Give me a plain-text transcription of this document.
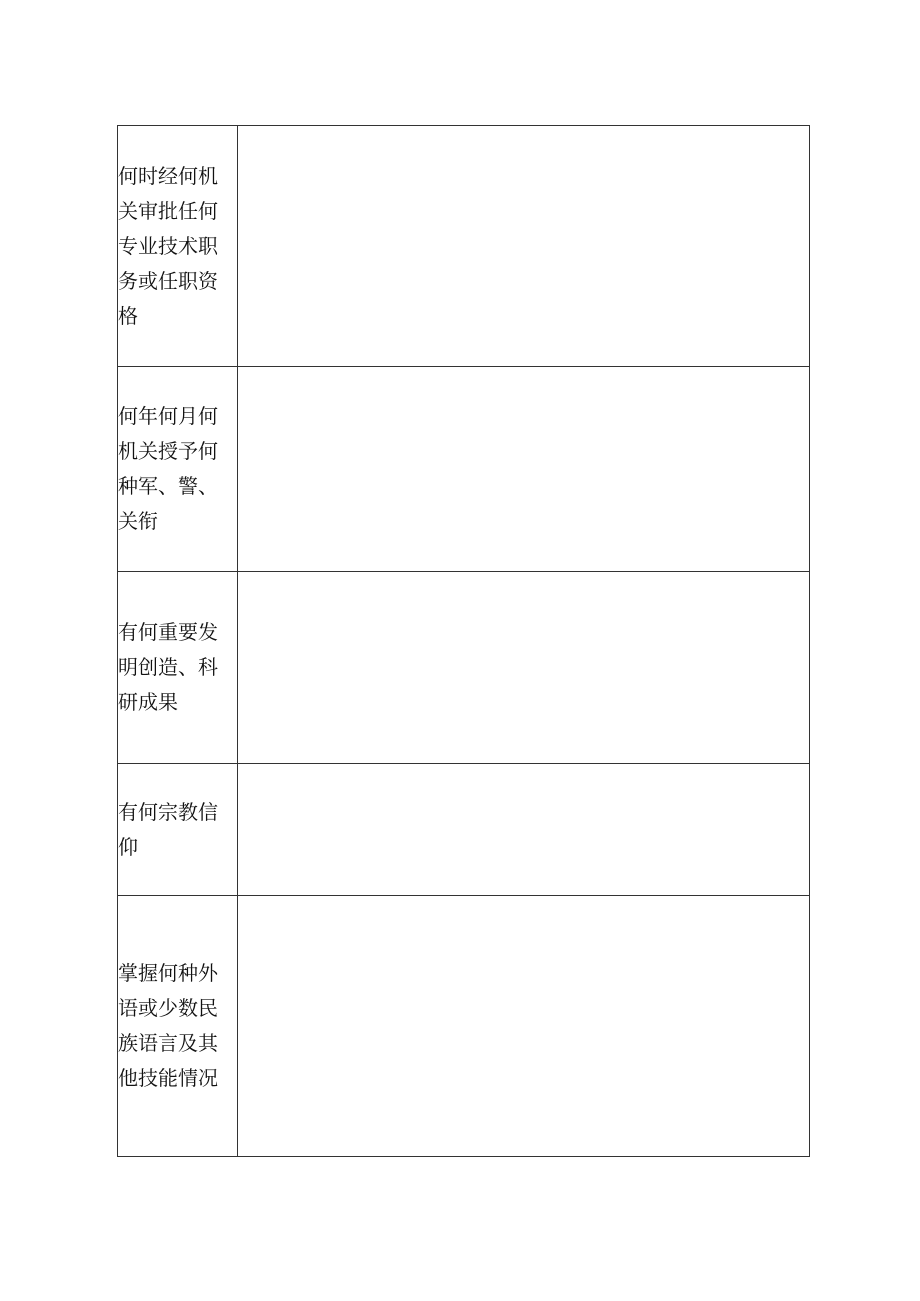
何时经何机关审批任何专业技术职务或任职资格	

何年何月何机关授予何种军、警、关衔	

有何重要发明创造、科研成果	

有何宗教信仰	

掌握何种外语或少数民族语言及其他技能情况	
